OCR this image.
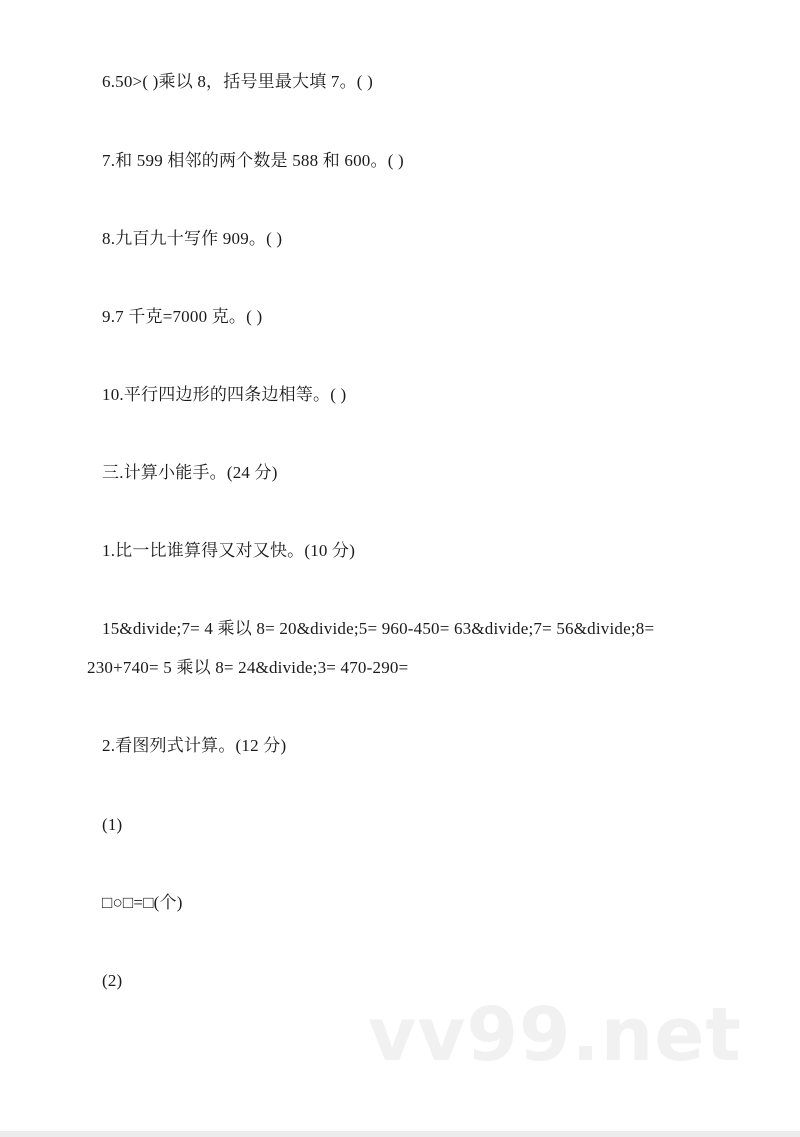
6.50>( )乘以 8，括号里最大填 7。( )
7.和 599 相邻的两个数是 588 和 600。( )
8.九百九十写作 909。( )
9.7 千克=7000 克。( )
10.平行四边形的四条边相等。( )
三.计算小能手。(24 分)
1.比一比谁算得又对又快。(10 分)
15&divide;7= 4 乘以 8= 20&divide;5= 960-450= 63&divide;7= 56&divide;8=
230+740= 5 乘以 8= 24&divide;3= 470-290=
2.看图列式计算。(12 分)
(1)
□○□=□(个)
(2)
vv99.net
